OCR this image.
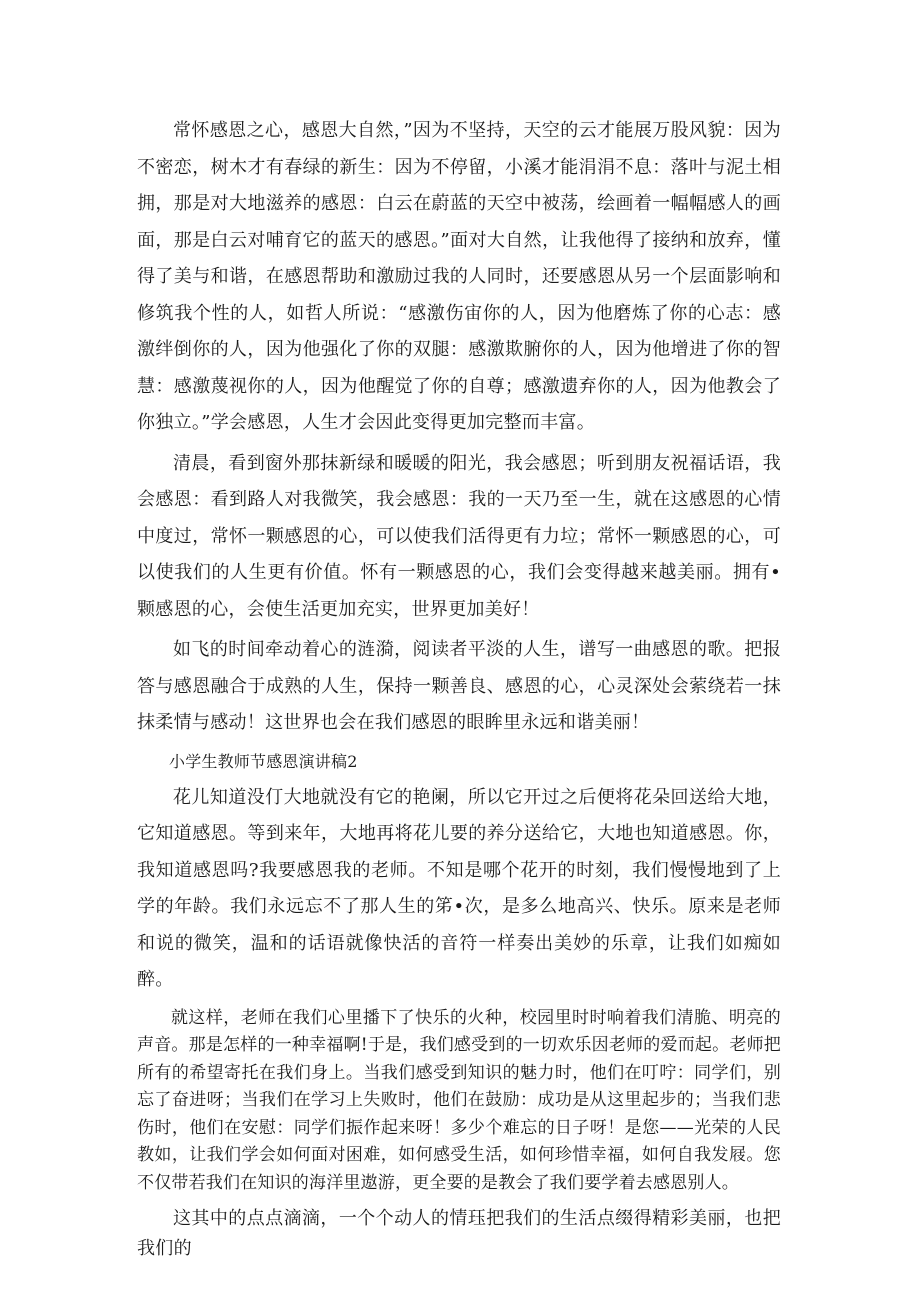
常怀感恩之心，感恩大自然，”因为不坚持，天空的云才能展万股风貌：因为不密恋，树木才有春绿的新生：因为不停留，小溪才能涓涓不息：落叶与泥土相拥，那是对大地滋养的感恩：白云在蔚蓝的天空中被荡，绘画着一幅幅感人的画面，那是白云对哺育它的蓝天的感恩。”面对大自然，让我他得了接纳和放弃，懂得了美与和谐，在感恩帮助和激励过我的人同时，还要感恩从另一个层面影响和修筑我个性的人，如哲人所说：“感激伤宙你的人，因为他磨炼了你的心志：感激绊倒你的人，因为他强化了你的双腿：感激欺腑你的人，因为他增进了你的智慧：感激蔑视你的人，因为他醒觉了你的自尊；感激遗弃你的人，因为他教会了你独立。”学会感恩，人生才会因此变得更加完整而丰富。

清晨，看到窗外那抹新绿和暖暖的阳光，我会感恩；听到朋友祝福话语，我会感恩：看到路人对我微笑，我会感恩：我的一天乃至一生，就在这感恩的心情中度过，常怀一颗感恩的心，可以使我们活得更有力垃；常怀一颗感恩的心，可以使我们的人生更有价值。怀有一颗感恩的心，我们会变得越来越美丽。拥有•颗感恩的心，会使生活更加充实，世界更加美好！

如飞的时间牵动着心的涟漪，阅读者平淡的人生，谱写一曲感恩的歌。把报答与感恩融合于成熟的人生，保持一颗善良、感恩的心，心灵深处会萦绕若一抹抹柔情与感动！这世界也会在我们感恩的眼眸里永远和谐美丽！

小学生教师节感恩演讲稿2

花儿知道没仃大地就没有它的艳阑，所以它开过之后便将花朵回送给大地，它知道感恩。等到来年，大地再将花儿要的养分送给它，大地也知道感恩。你，我知道感恩吗?我要感恩我的老师。不知是哪个花开的时刻，我们慢慢地到了上学的年龄。我们永远忘不了那人生的笫•次，是多么地高兴、快乐。原来是老师和说的微笑，温和的话语就像快活的音符一样奏出美妙的乐章，让我们如痴如醉。

就这样，老师在我们心里播下了快乐的火种，校园里时时响着我们清脆、明亮的声音。那是怎样的一种幸福啊!于是，我们感受到的一切欢乐因老师的爱而起。老师把所有的希望寄托在我们身上。当我们感受到知识的魅力时，他们在叮咛：同学们，别忘了奋进呀；当我们在学习上失败时，他们在鼓励：成功是从这里起步的；当我们悲伤时，他们在安慰：同学们振作起来呀！多少个难忘的日子呀！是您——光荣的人民教如，让我们学会如何面对困难，如何感受生活，如何珍惜幸福，如何自我发屐。您不仅带若我们在知识的海洋里遨游，更全要的是教会了我们要学着去感恩别人。

这其中的点点滴滴，一个个动人的情珏把我们的生活点缀得精彩美丽，也把我们的
